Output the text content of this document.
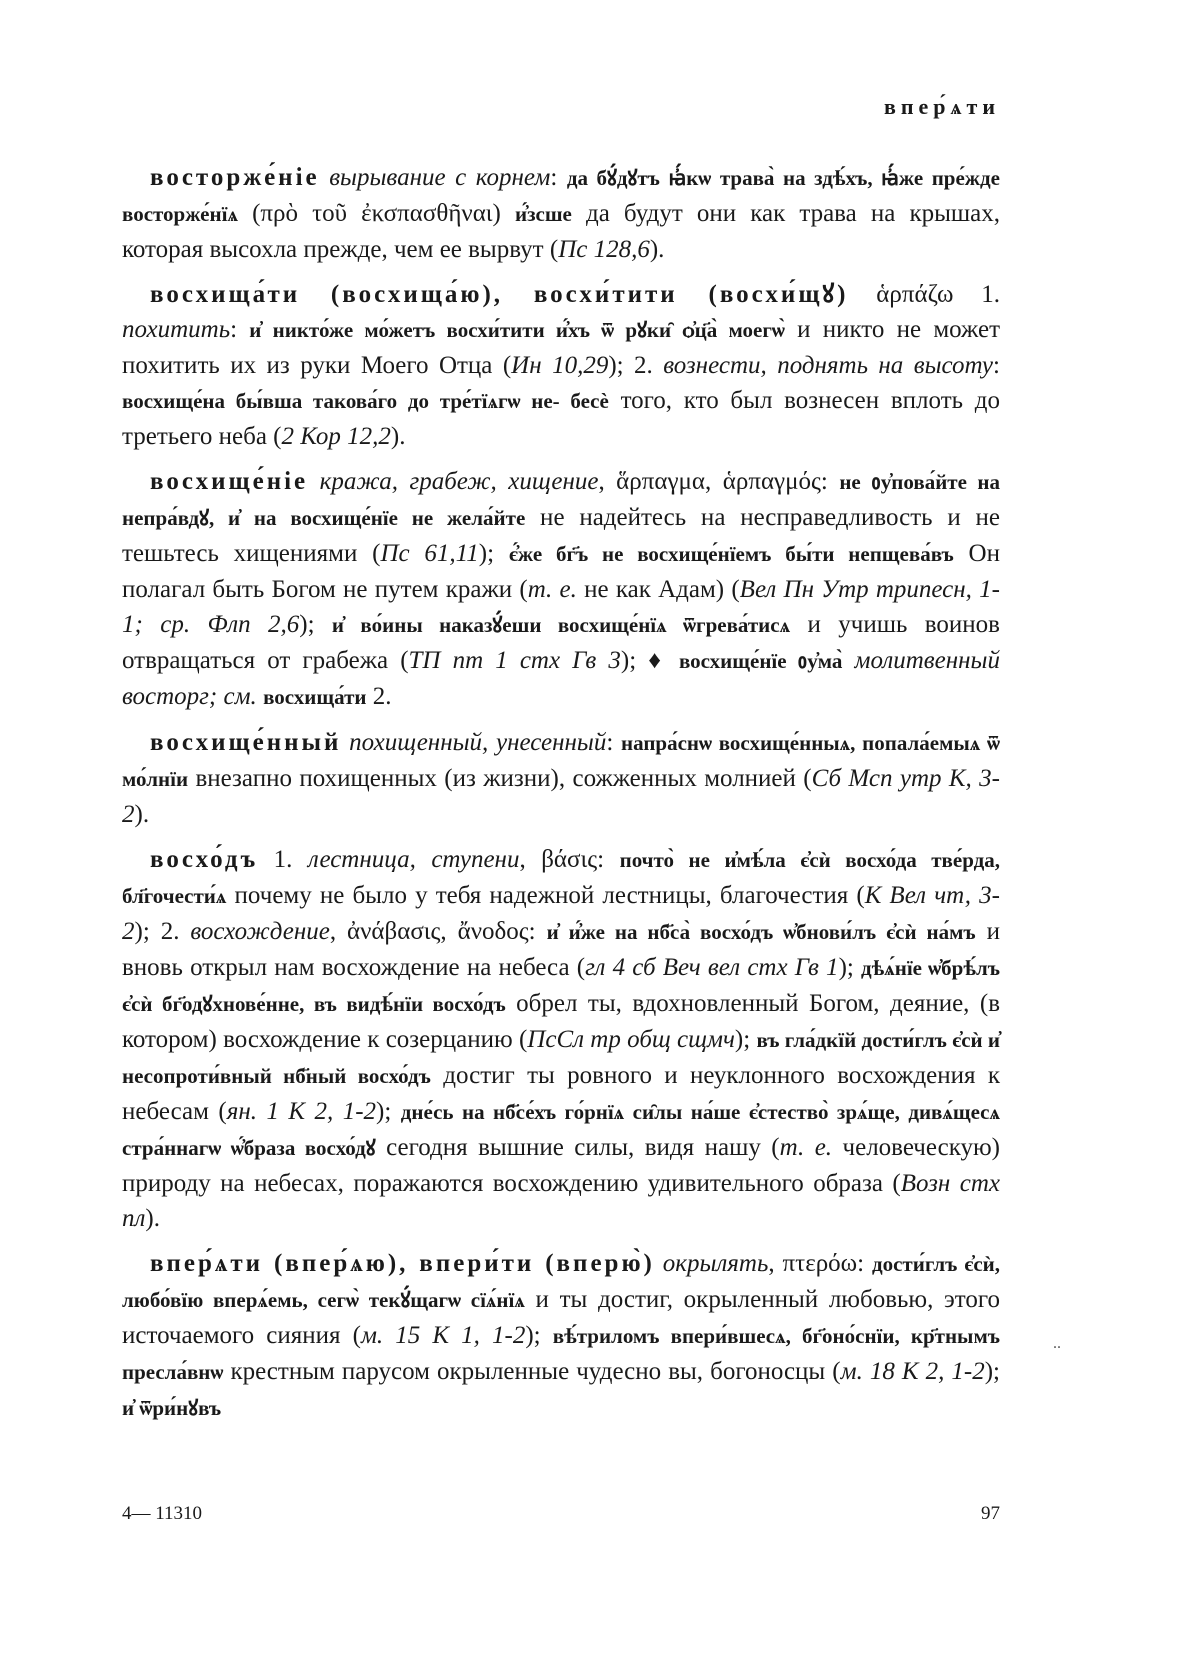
впер́ѧти

восторже́ніе вырывание с корнем: да бꙋ́дꙋтъ ꙗ҆́кѡ трава̀ на здѣ́хъ, ꙗ҆́же пре́жде восторже́нїѧ (πρὸ τοῦ ἐκσπασθῆναι) и҆́зсше да будут они как трава на крышах, которая высохла прежде, чем ее вырвут (Пс 128,6).

восхища́ти (восхища́ю), восхи́тити (восхи́щꙋ) ἁρπάζω 1. похитить: и҆ никто́же мо́жетъ восхи́тити и҆́хъ ѿ рꙋки̑ ѻ҆ц҃а̀ моегѡ̀ и никто не может похитить их из руки Моего Отца (Ин 10,29); 2. вознести, поднять на высоту: восхище́на бы́вша такова́го до тре́тїѧгѡ не- бесѐ того, кто был вознесен вплоть до третьего неба (2 Кор 12,2).

восхище́ніе кража, грабеж, хищение, ἅρπαγμα, ἁρπαγμός: не ᲂу҆пова́йте на непра́вдꙋ, и҆ на восхище́нїе не жела́йте не надейтесь на несправедливость и не тешьтесь хищениями (Пс 61,11); є҆́же бг҃ъ не восхище́нїемъ бы́ти непщева́въ Он полагал быть Богом не путем кражи (т. е. не как Адам) (Вел Пн Утр трипесн, 1-1; ср. Флп 2,6); и҆ во́ины наказꙋ́еши восхище́нїѧ ѿгрева́тисѧ и учишь воинов отвращаться от грабежа (ТП пт 1 стх Гв 3); ♦ восхище́нїе ᲂу҆ма̀ молитвенный восторг; см. восхища́ти 2.

восхище́нный похищенный, унесенный: напра́снѡ восхище́нныѧ, попала́емыѧ ѿ мо́лнїи внезапно похищенных (из жизни), сожженных молнией (Сб Мсп утр К, 3-2).

восхо́дъ 1. лестница, ступени, βάσις: почто̀ не и҆мѣ́ла є҆сѝ восхо́да тве́рда, бл҃гочести́ѧ почему не было у тебя надежной лестницы, благочестия (К Вел чт, 3-2); 2. восхождение, ἀνάβασις, ἄνοδος: и҆ и҆́же на нб҃са̀ восхо́дъ ѡ҆бнови́лъ є҆сѝ на́мъ и вновь открыл нам восхождение на небеса (гл 4 сб Веч вел стх Гв 1); дѣѧ́нїе ѡ҆брѣ́лъ є҆сѝ бг҃одꙋхнове́нне, въ видѣ́нїи восхо́дъ обрел ты, вдохновленный Богом, деяние, (в котором) восхождение к созерцанию (ПсСл тр общ сщмч); въ гла́дкїй дости́глъ є҆сѝ и҆ несопроти́вный нб҃ный восхо́дъ достиг ты ровного и неуклонного восхождения к небесам (ян. 1 К 2, 1-2); дне́сь на нб҃се́хъ го́рнїѧ си̑лы на́ше є҆стество̀ зрѧ́ще, дивѧ́щесѧ стра́ннагѡ ѡ҆́браза восхо́дꙋ сегодня вышние силы, видя нашу (т. е. человеческую) природу на небесах, поражаются восхождению удивительного образа (Возн стх пл).

впер́ѧти (впер́ѧю), впери́ти (вперю̀) окрылять, πτερόω: дости́глъ є҆сѝ, любо́вїю вперѧ́емь, сегѡ̀ текꙋ́щагѡ сїѧ́нїѧ и ты достиг, окрыленный любовью, этого источаемого сияния (м. 15 К 1, 1-2); вѣ́триломъ впери́вшесѧ, бг҃оно́снїи, кр҃тнымъ пресла́внѡ крестным парусом окрыленные чудесно вы, богоносцы (м. 18 К 2, 1-2); и҆ ѿри́нꙋвъ

4— 11310	97
..
